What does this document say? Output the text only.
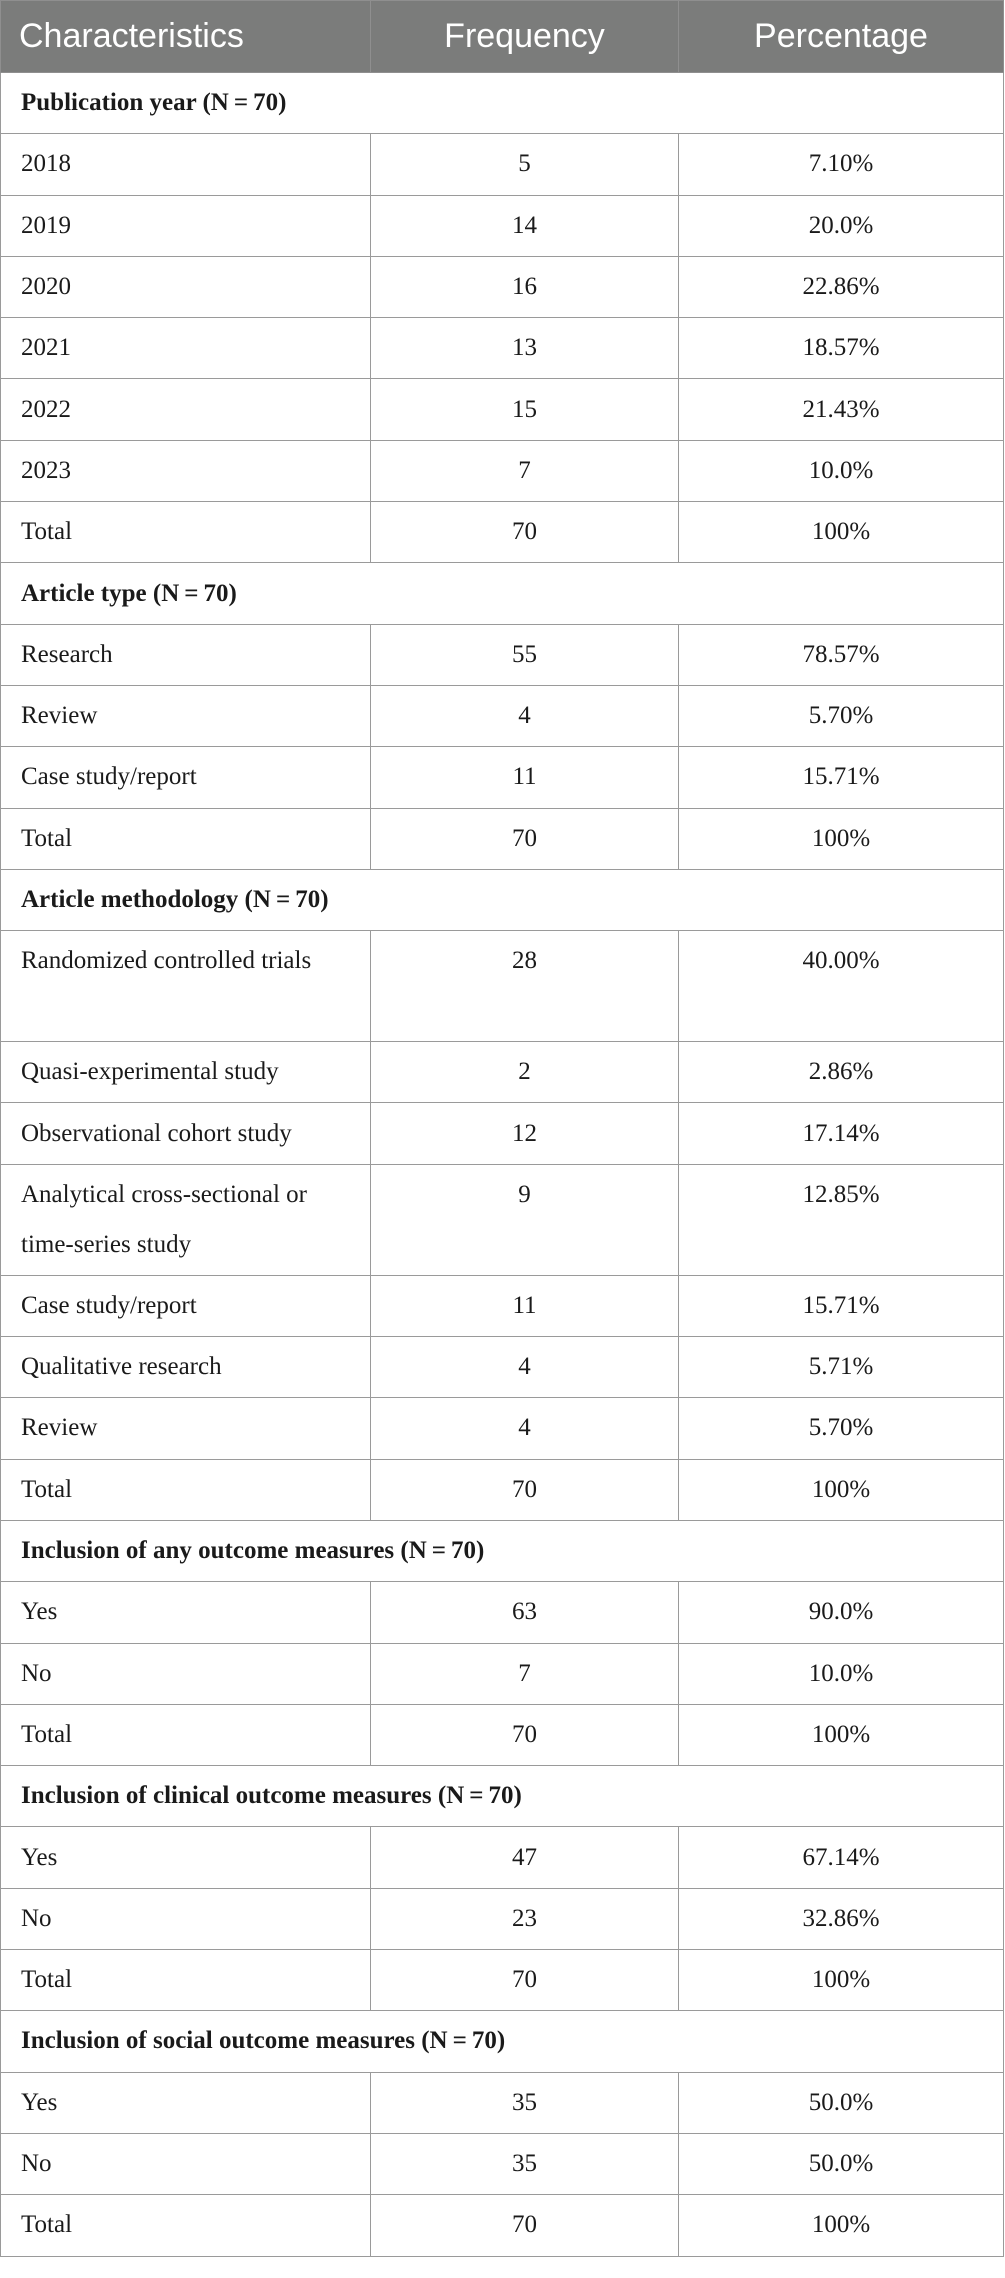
Characteristics	Frequency	Percentage
Publication year (N = 70)		
2018	5	7.10%
2019	14	20.0%
2020	16	22.86%
2021	13	18.57%
2022	15	21.43%
2023	7	10.0%
Total	70	100%
Article type (N = 70)		
Research	55	78.57%
Review	4	5.70%
Case study/report	11	15.71%
Total	70	100%
Article methodology (N = 70)		
Randomized controlled trials	28	40.00%
Quasi-experimental study	2	2.86%
Observational cohort study	12	17.14%
Analytical cross-sectional or time-series study	9	12.85%
Case study/report	11	15.71%
Qualitative research	4	5.71%
Review	4	5.70%
Total	70	100%
Inclusion of any outcome measures (N = 70)		
Yes	63	90.0%
No	7	10.0%
Total	70	100%
Inclusion of clinical outcome measures (N = 70)		
Yes	47	67.14%
No	23	32.86%
Total	70	100%
Inclusion of social outcome measures (N = 70)		
Yes	35	50.0%
No	35	50.0%
Total	70	100%
